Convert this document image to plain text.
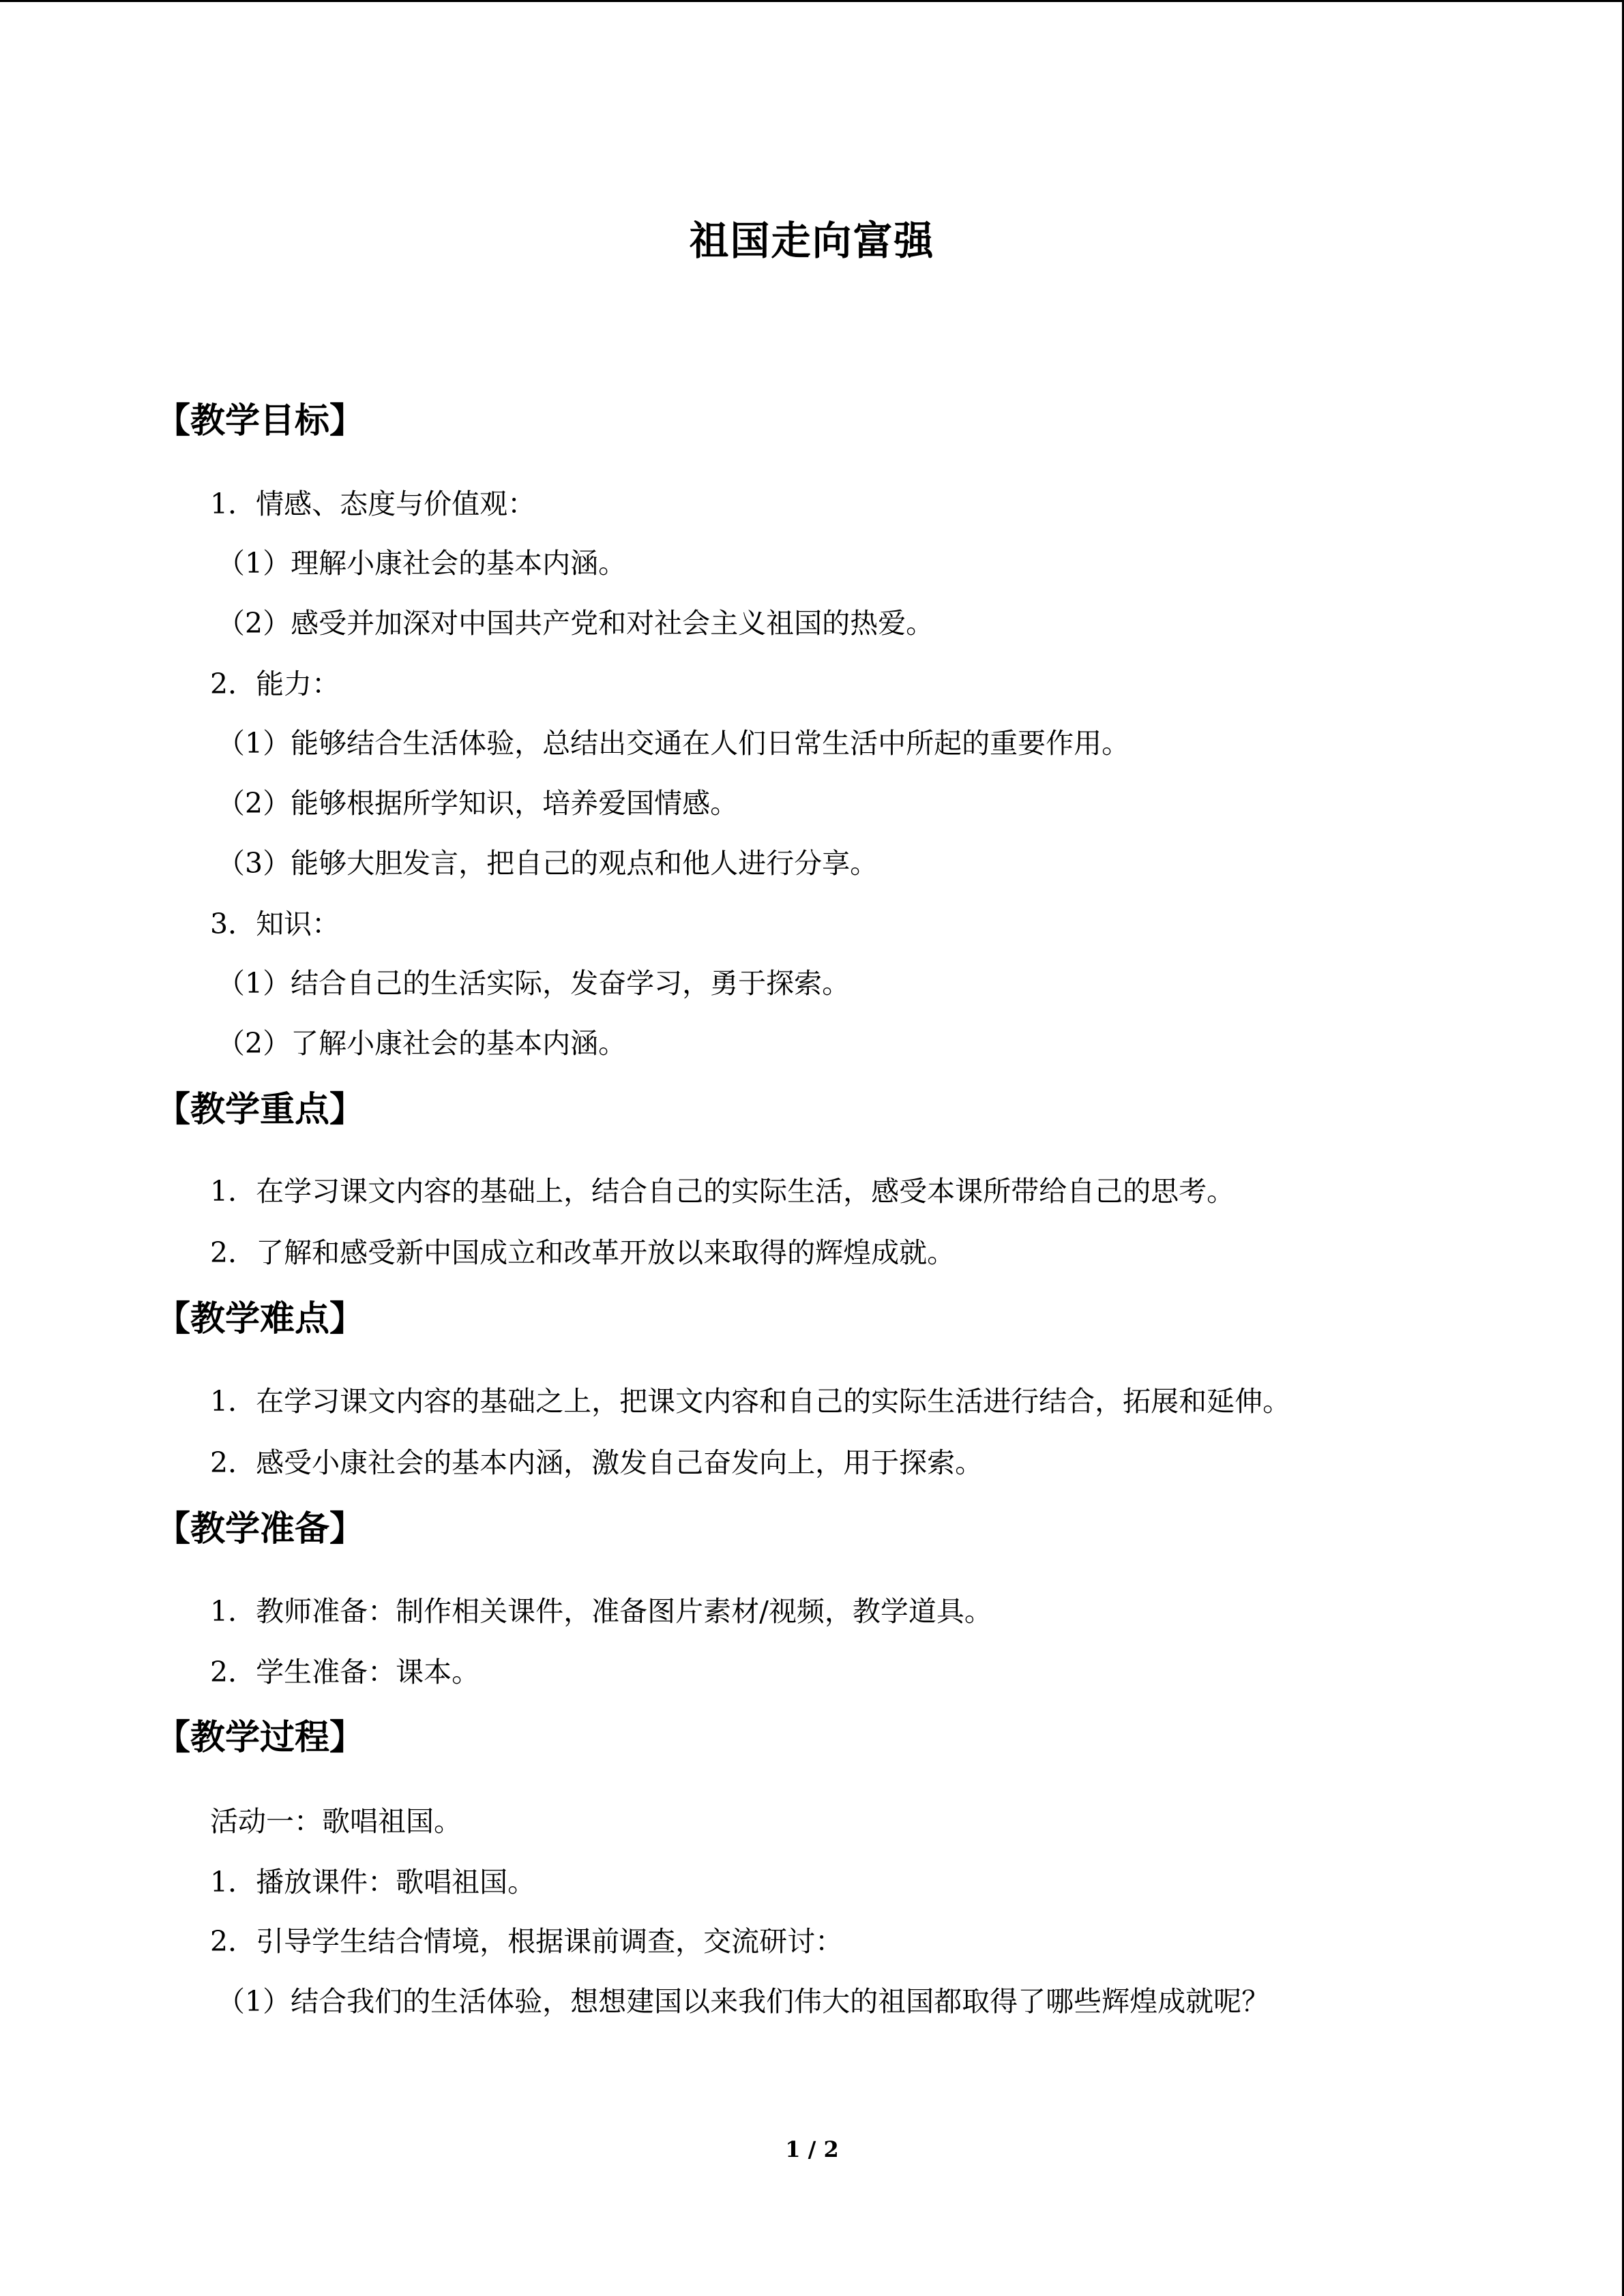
祖国走向富强
【教学目标】
1．情感、态度与价值观：
（1）理解小康社会的基本内涵。
（2）感受并加深对中国共产党和对社会主义祖国的热爱。
2．能力：
（1）能够结合生活体验，总结出交通在人们日常生活中所起的重要作用。
（2）能够根据所学知识，培养爱国情感。
（3）能够大胆发言，把自己的观点和他人进行分享。
3．知识：
（1）结合自己的生活实际，发奋学习，勇于探索。
（2）了解小康社会的基本内涵。
【教学重点】
1．在学习课文内容的基础上，结合自己的实际生活，感受本课所带给自己的思考。
2．了解和感受新中国成立和改革开放以来取得的辉煌成就。
【教学难点】
1．在学习课文内容的基础之上，把课文内容和自己的实际生活进行结合，拓展和延伸。
2．感受小康社会的基本内涵，激发自己奋发向上，用于探索。
【教学准备】
1．教师准备：制作相关课件，准备图片素材/视频，教学道具。
2．学生准备：课本。
【教学过程】
活动一：歌唱祖国。
1．播放课件：歌唱祖国。
2．引导学生结合情境，根据课前调查，交流研讨：
（1）结合我们的生活体验，想想建国以来我们伟大的祖国都取得了哪些辉煌成就呢？
1 / 2
